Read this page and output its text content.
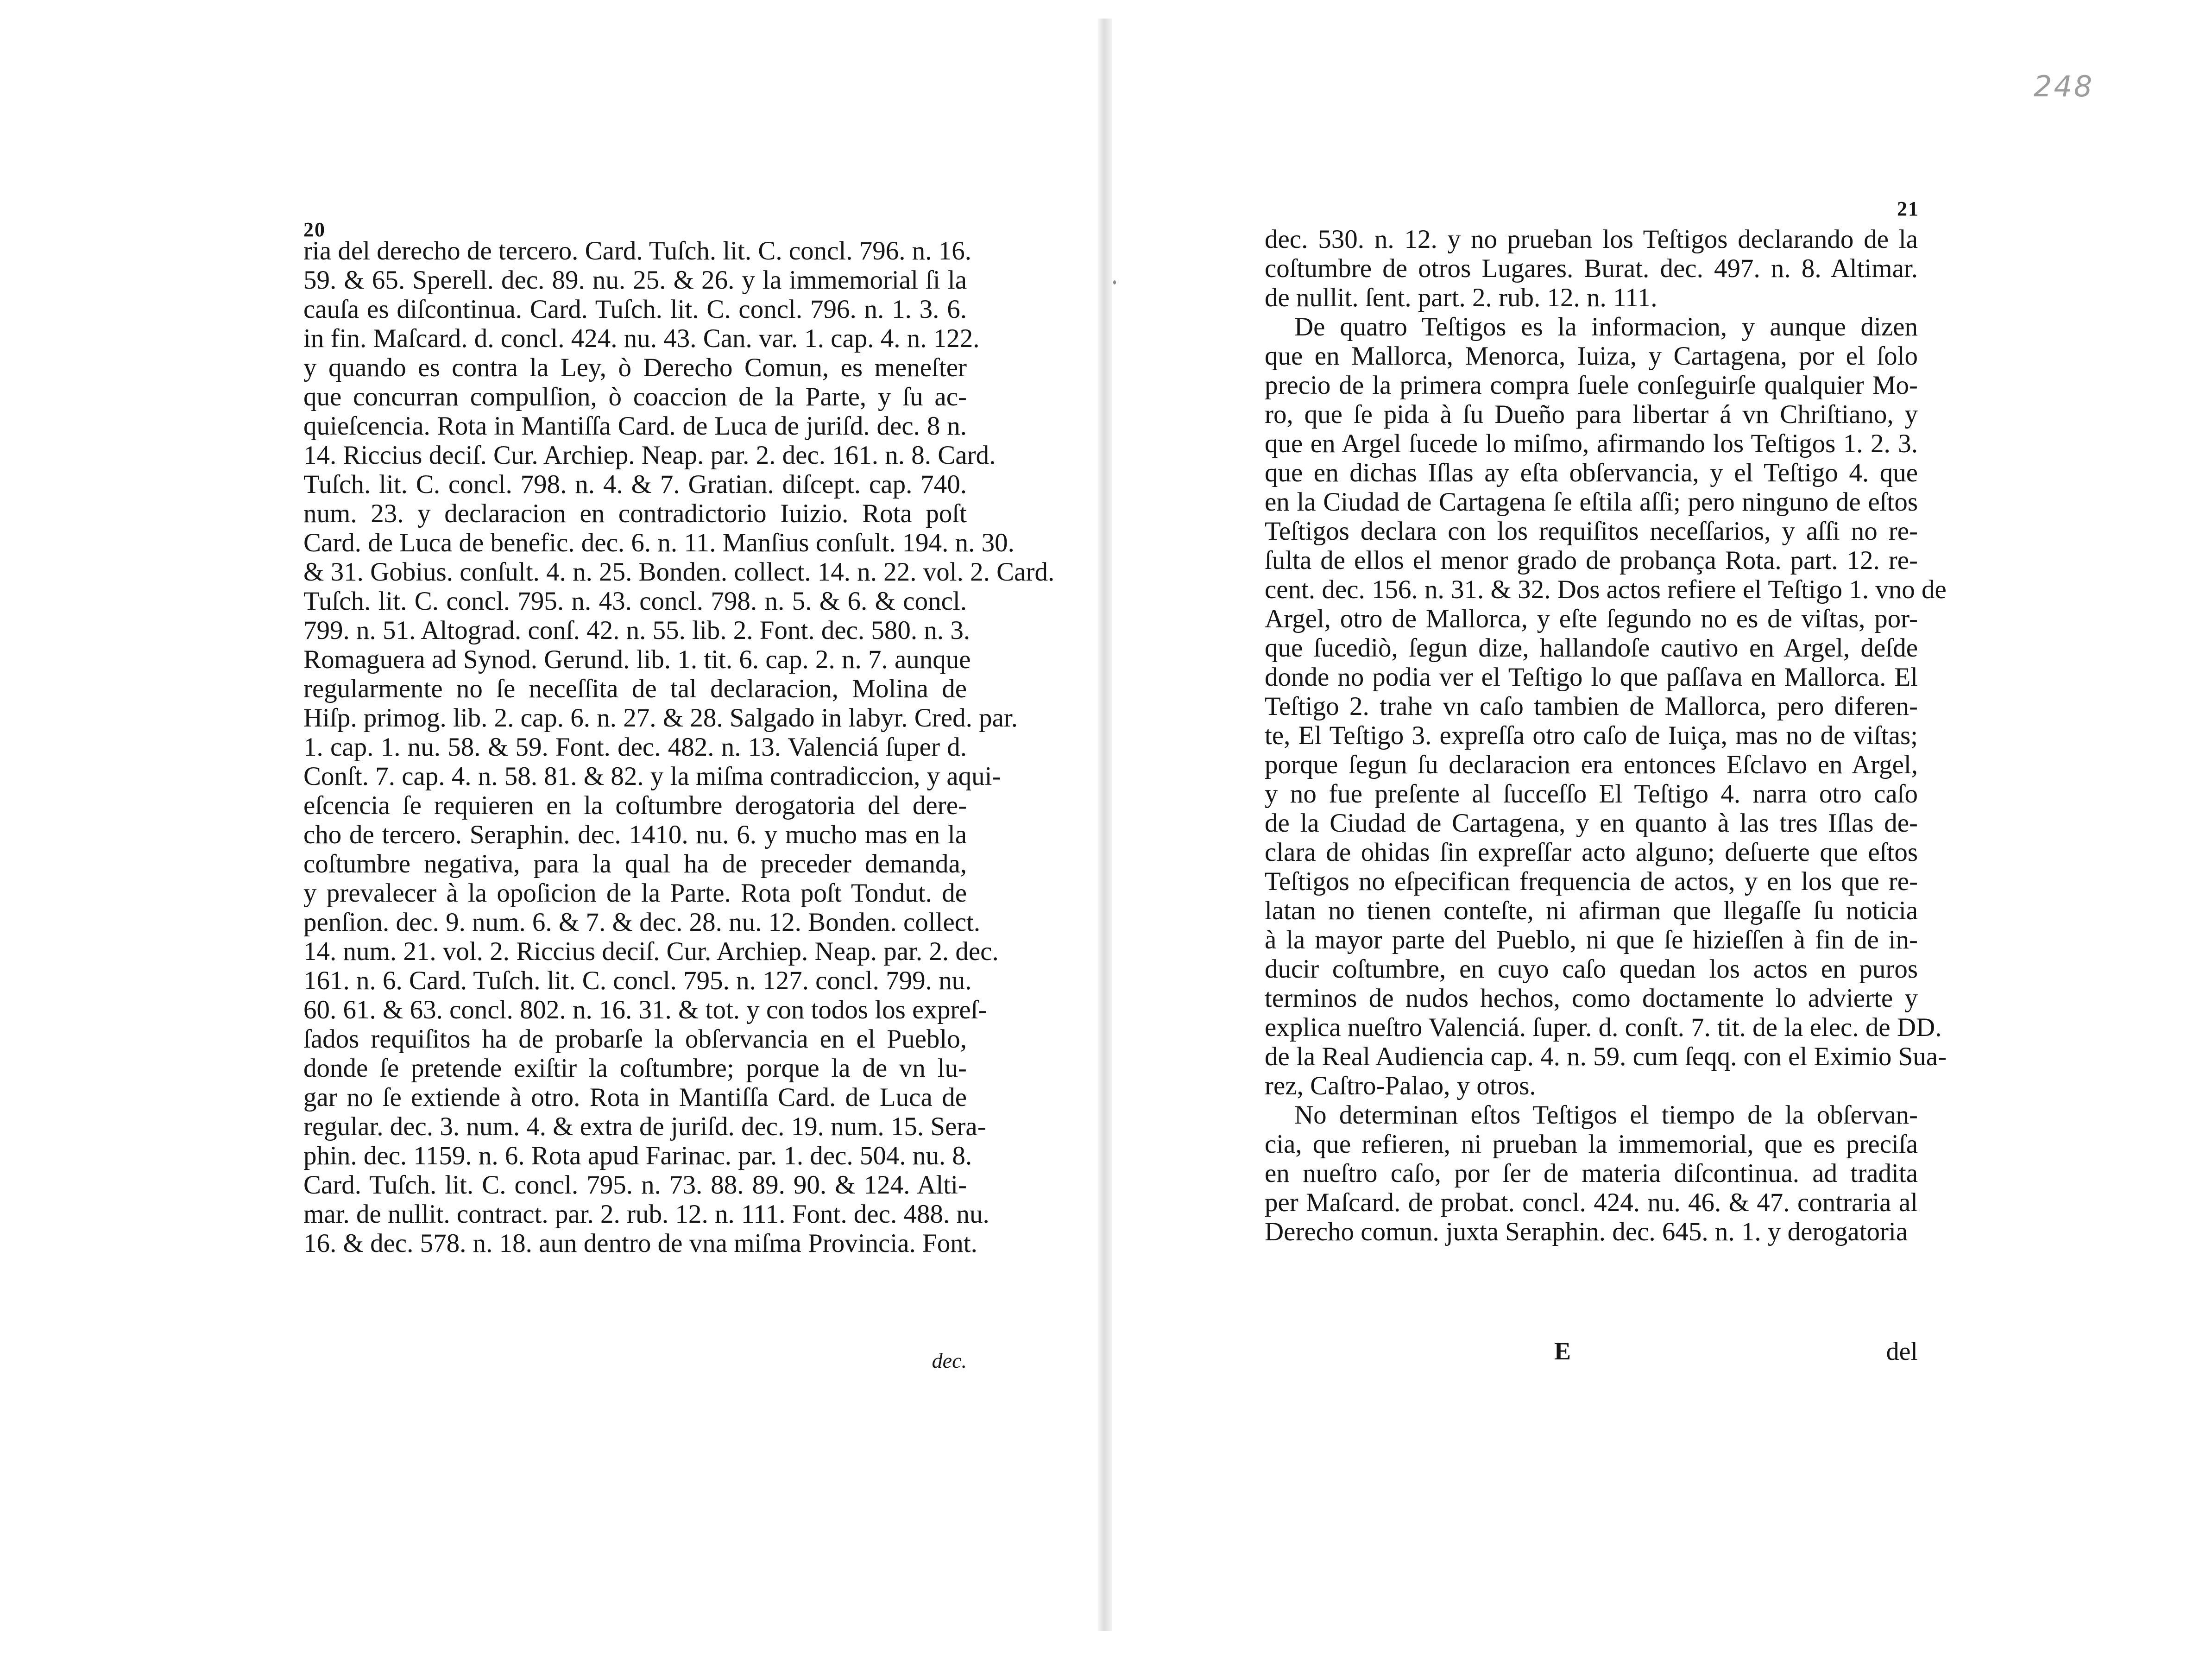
20
ria del derecho de tercero. Card. Tuſch. lit. C. concl. 796. n. 16.
59. & 65. Sperell. dec. 89. nu. 25. & 26. y la immemorial ſi la
cauſa es diſcontinua. Card. Tuſch. lit. C. concl. 796. n. 1. 3. 6.
in fin. Maſcard. d. concl. 424. nu. 43. Can. var. 1. cap. 4. n. 122.
y quando es contra la Ley, ò Derecho Comun, es meneſter
que concurran compulſion, ò coaccion de la Parte, y ſu ac-
quieſcencia. Rota in Mantiſſa Card. de Luca de juriſd. dec. 8 n.
14. Riccius deciſ. Cur. Archiep. Neap. par. 2. dec. 161. n. 8. Card.
Tuſch. lit. C. concl. 798. n. 4. & 7. Gratian. diſcept. cap. 740.
num. 23. y declaracion en contradictorio Iuizio. Rota poſt
Card. de Luca de benefic. dec. 6. n. 11. Manſius conſult. 194. n. 30.
& 31. Gobius. conſult. 4. n. 25. Bonden. collect. 14. n. 22. vol. 2. Card.
Tuſch. lit. C. concl. 795. n. 43. concl. 798. n. 5. & 6. & concl.
799. n. 51. Altograd. conſ. 42. n. 55. lib. 2. Font. dec. 580. n. 3.
Romaguera ad Synod. Gerund. lib. 1. tit. 6. cap. 2. n. 7. aunque
regularmente no ſe neceſſita de tal declaracion, Molina de
Hiſp. primog. lib. 2. cap. 6. n. 27. & 28. Salgado in labyr. Cred. par.
1. cap. 1. nu. 58. & 59. Font. dec. 482. n. 13. Valenciá ſuper d.
Conſt. 7. cap. 4. n. 58. 81. & 82. y la miſma contradiccion, y aqui-
eſcencia ſe requieren en la coſtumbre derogatoria del dere-
cho de tercero. Seraphin. dec. 1410. nu. 6. y mucho mas en la
coſtumbre negativa, para la qual ha de preceder demanda,
y prevalecer à la opoſicion de la Parte. Rota poſt Tondut. de
penſion. dec. 9. num. 6. & 7. & dec. 28. nu. 12. Bonden. collect.
14. num. 21. vol. 2. Riccius deciſ. Cur. Archiep. Neap. par. 2. dec.
161. n. 6. Card. Tuſch. lit. C. concl. 795. n. 127. concl. 799. nu.
60. 61. & 63. concl. 802. n. 16. 31. & tot. y con todos los expreſ-
ſados requiſitos ha de probarſe la obſervancia en el Pueblo,
donde ſe pretende exiſtir la coſtumbre; porque la de vn lu-
gar no ſe extiende à otro. Rota in Mantiſſa Card. de Luca de
regular. dec. 3. num. 4. & extra de juriſd. dec. 19. num. 15. Sera-
phin. dec. 1159. n. 6. Rota apud Farinac. par. 1. dec. 504. nu. 8.
Card. Tuſch. lit. C. concl. 795. n. 73. 88. 89. 90. & 124. Alti-
mar. de nullit. contract. par. 2. rub. 12. n. 111. Font. dec. 488. nu.
16. & dec. 578. n. 18. aun dentro de vna miſma Provincia. Font.
dec.
248
21
dec. 530. n. 12. y no prueban los Teſtigos declarando de la
coſtumbre de otros Lugares. Burat. dec. 497. n. 8. Altimar.
de nullit. ſent. part. 2. rub. 12. n. 111.
De quatro Teſtigos es la informacion, y aunque dizen
que en Mallorca, Menorca, Iuiza, y Cartagena, por el ſolo
precio de la primera compra ſuele conſeguirſe qualquier Mo-
ro, que ſe pida à ſu Dueño para libertar á vn Chriſtiano, y
que en Argel ſucede lo miſmo, afirmando los Teſtigos 1. 2. 3.
que en dichas Iſlas ay eſta obſervancia, y el Teſtigo 4. que
en la Ciudad de Cartagena ſe eſtila aſſi; pero ninguno de eſtos
Teſtigos declara con los requiſitos neceſſarios, y aſſi no re-
ſulta de ellos el menor grado de probança Rota. part. 12. re-
cent. dec. 156. n. 31. & 32. Dos actos refiere el Teſtigo 1. vno de
Argel, otro de Mallorca, y eſte ſegundo no es de viſtas, por-
que ſucediò, ſegun dize, hallandoſe cautivo en Argel, deſde
donde no podia ver el Teſtigo lo que paſſava en Mallorca. El
Teſtigo 2. trahe vn caſo tambien de Mallorca, pero diferen-
te, El Teſtigo 3. expreſſa otro caſo de Iuiça, mas no de viſtas;
porque ſegun ſu declaracion era entonces Eſclavo en Argel,
y no fue preſente al ſucceſſo El Teſtigo 4. narra otro caſo
de la Ciudad de Cartagena, y en quanto à las tres Iſlas de-
clara de ohidas ſin expreſſar acto alguno; deſuerte que eſtos
Teſtigos no eſpecifican frequencia de actos, y en los que re-
latan no tienen conteſte, ni afirman que llegaſſe ſu noticia
à la mayor parte del Pueblo, ni que ſe hizieſſen à fin de in-
ducir coſtumbre, en cuyo caſo quedan los actos en puros
terminos de nudos hechos, como doctamente lo advierte y
explica nueſtro Valenciá. ſuper. d. conſt. 7. tit. de la elec. de DD.
de la Real Audiencia cap. 4. n. 59. cum ſeqq. con el Eximio Sua-
rez, Caſtro-Palao, y otros.
No determinan eſtos Teſtigos el tiempo de la obſervan-
cia, que refieren, ni prueban la immemorial, que es preciſa
en nueſtro caſo, por ſer de materia diſcontinua. ad tradita
per Maſcard. de probat. concl. 424. nu. 46. & 47. contraria al
Derecho comun. juxta Seraphin. dec. 645. n. 1. y derogatoria
E	del
